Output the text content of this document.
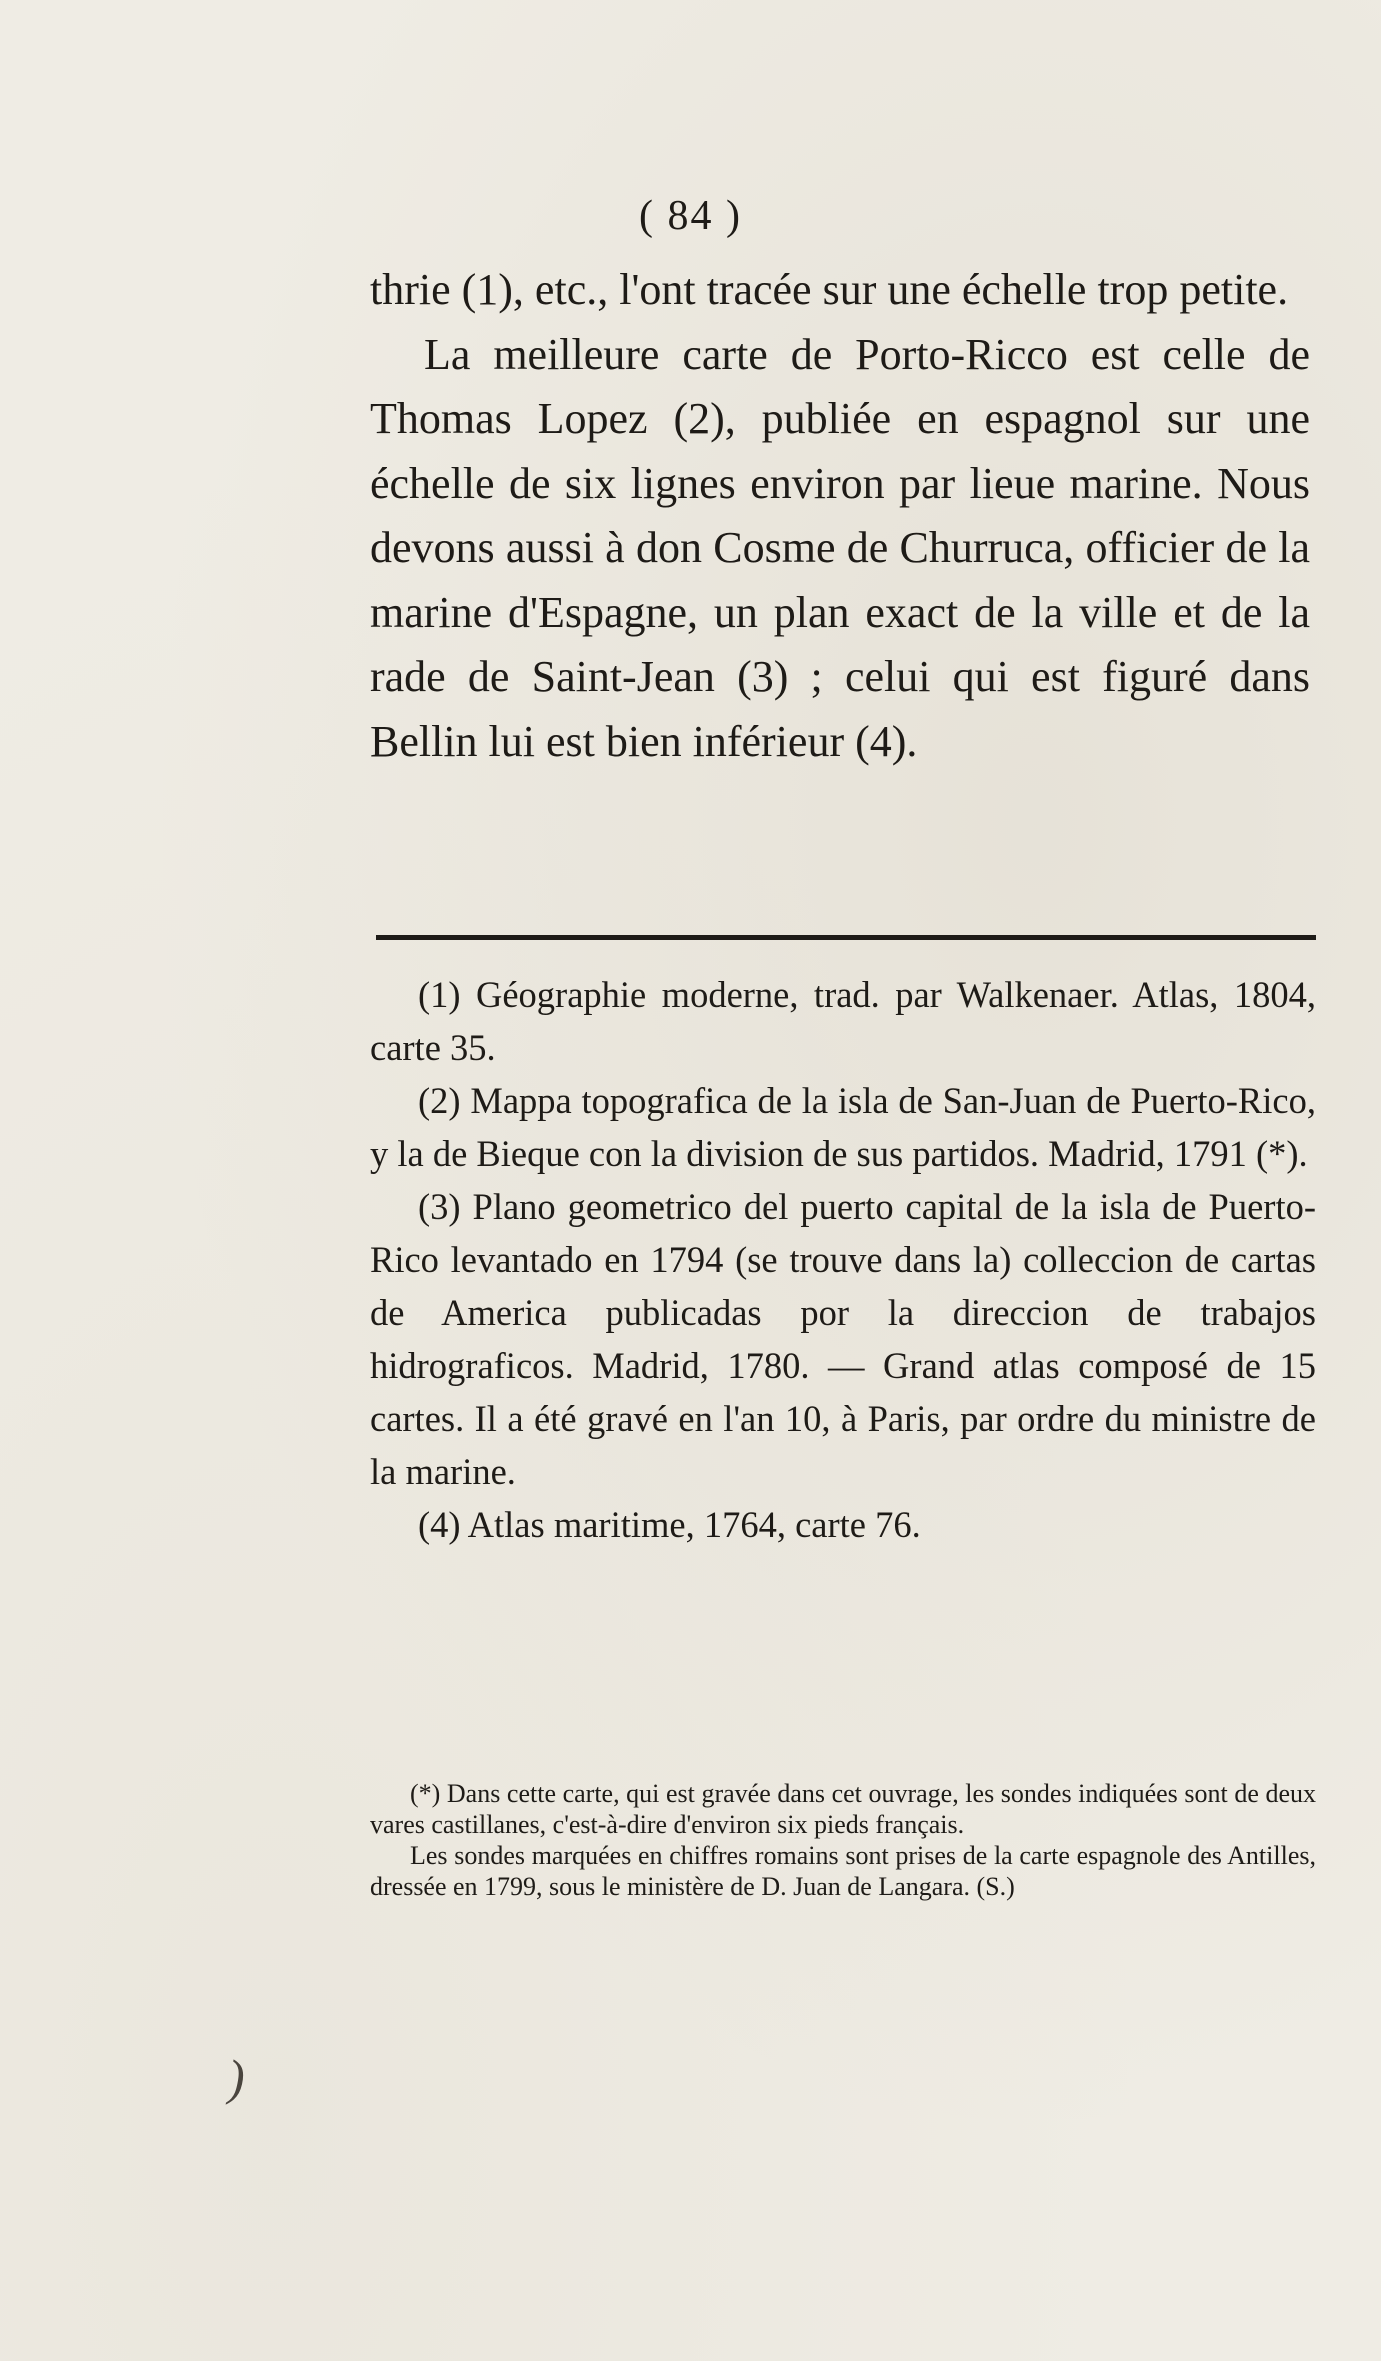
( 84 )

thrie (1), etc., l'ont tracée sur une échelle trop petite.

La meilleure carte de Porto-Ricco est celle de Thomas Lopez (2), publiée en espagnol sur une échelle de six lignes environ par lieue marine. Nous devons aussi à don Cosme de Churruca, officier de la marine d'Espagne, un plan exact de la ville et de la rade de Saint-Jean (3) ; celui qui est figuré dans Bellin lui est bien inférieur (4).

(1) Géographie moderne, trad. par Walkenaer. Atlas, 1804, carte 35.

(2) Mappa topografica de la isla de San-Juan de Puerto-Rico, y la de Bieque con la division de sus partidos. Madrid, 1791 (*).

(3) Plano geometrico del puerto capital de la isla de Puerto-Rico levantado en 1794 (se trouve dans la) colleccion de cartas de America publicadas por la direccion de trabajos hidrograficos. Madrid, 1780. — Grand atlas composé de 15 cartes. Il a été gravé en l'an 10, à Paris, par ordre du ministre de la marine.

(4) Atlas maritime, 1764, carte 76.

(*) Dans cette carte, qui est gravée dans cet ouvrage, les sondes indiquées sont de deux vares castillanes, c'est-à-dire d'environ six pieds français.

Les sondes marquées en chiffres romains sont prises de la carte espagnole des Antilles, dressée en 1799, sous le ministère de D. Juan de Langara. (S.)

)
